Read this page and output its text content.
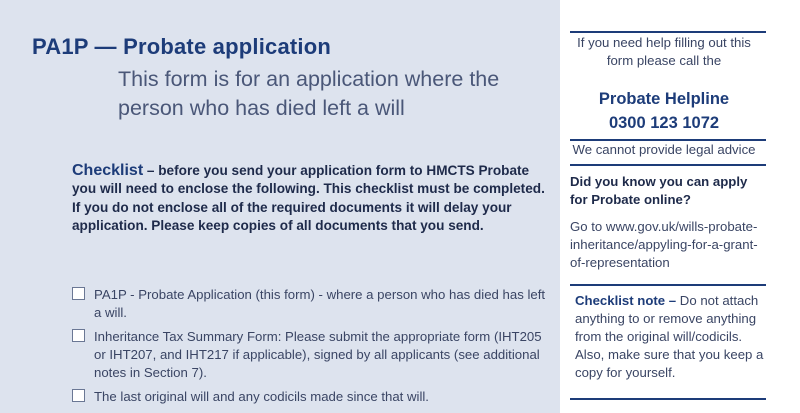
PA1P — Probate application
This form is for an application where the person who has died left a will
Checklist – before you send your application form to HMCTS Probate you will need to enclose the following. This checklist must be completed. If you do not enclose all of the required documents it will delay your application. Please keep copies of all documents that you send.
PA1P - Probate Application (this form) - where a person who has died has left a will.
Inheritance Tax Summary Form: Please submit the appropriate form (IHT205 or IHT207, and IHT217 if applicable), signed by all applicants (see additional notes in Section 7).
The last original will and any codicils made since that will.
If you need help filling out this form please call the
Probate Helpline
0300 123 1072
We cannot provide legal advice
Did you know you can apply for Probate online?
Go to www.gov.uk/wills-probate-inheritance/appyling-for-a-grant-of-representation
Checklist note – Do not attach anything to or remove anything from the original will/codicils. Also, make sure that you keep a copy for yourself.
